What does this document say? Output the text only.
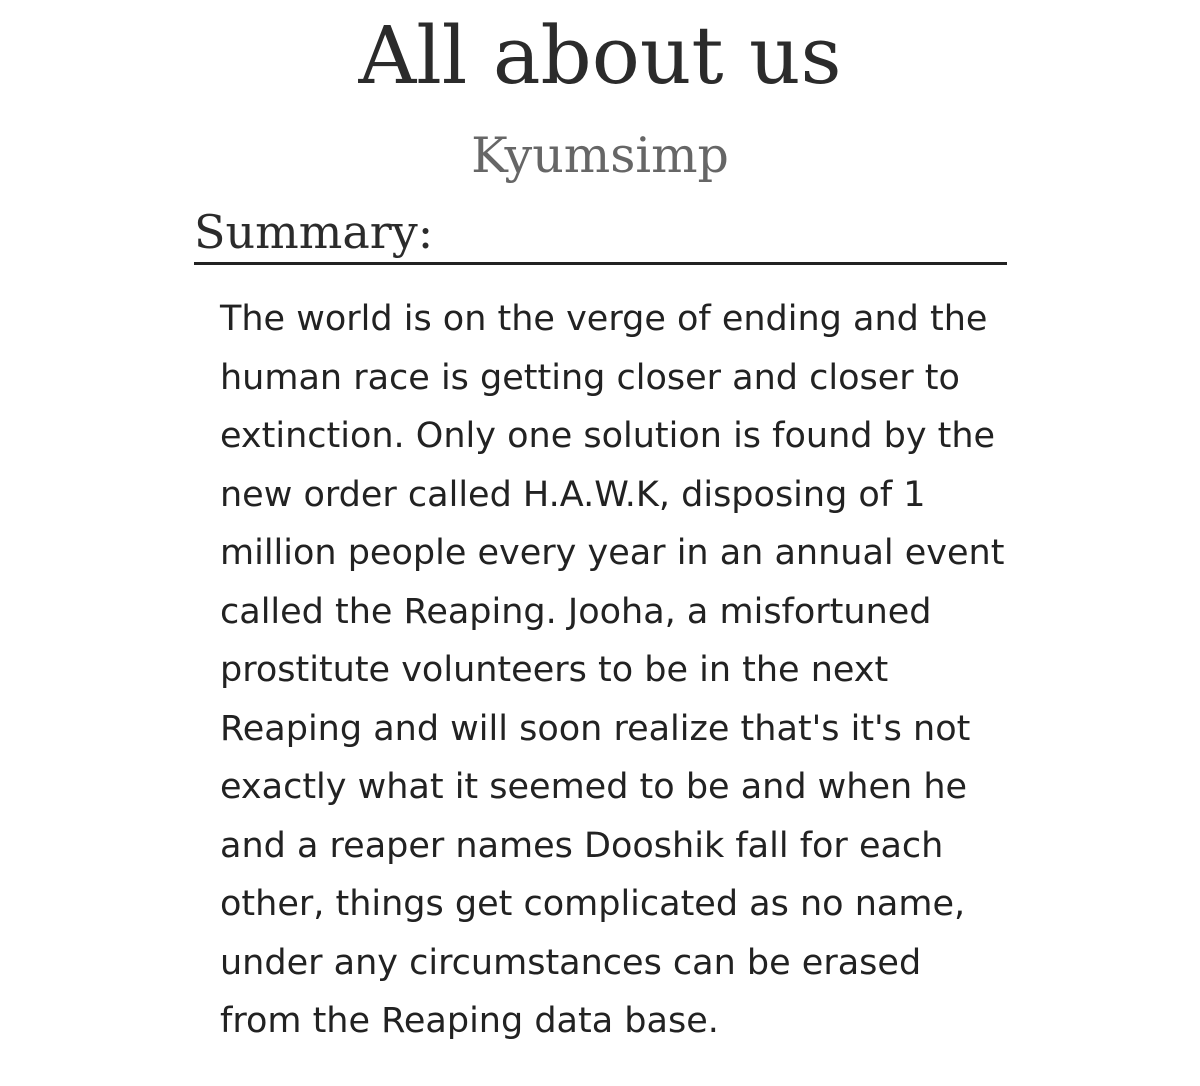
All about us
Kyumsimp
Summary:

The world is on the verge of ending and the
human race is getting closer and closer to
extinction. Only one solution is found by the
new order called H.A.W.K, disposing of 1
million people every year in an annual event
called the Reaping. Jooha, a misfortuned
prostitute volunteers to be in the next
Reaping and will soon realize that's it's not
exactly what it seemed to be and when he
and a reaper names Dooshik fall for each
other, things get complicated as no name,
under any circumstances can be erased
from the Reaping data base.
